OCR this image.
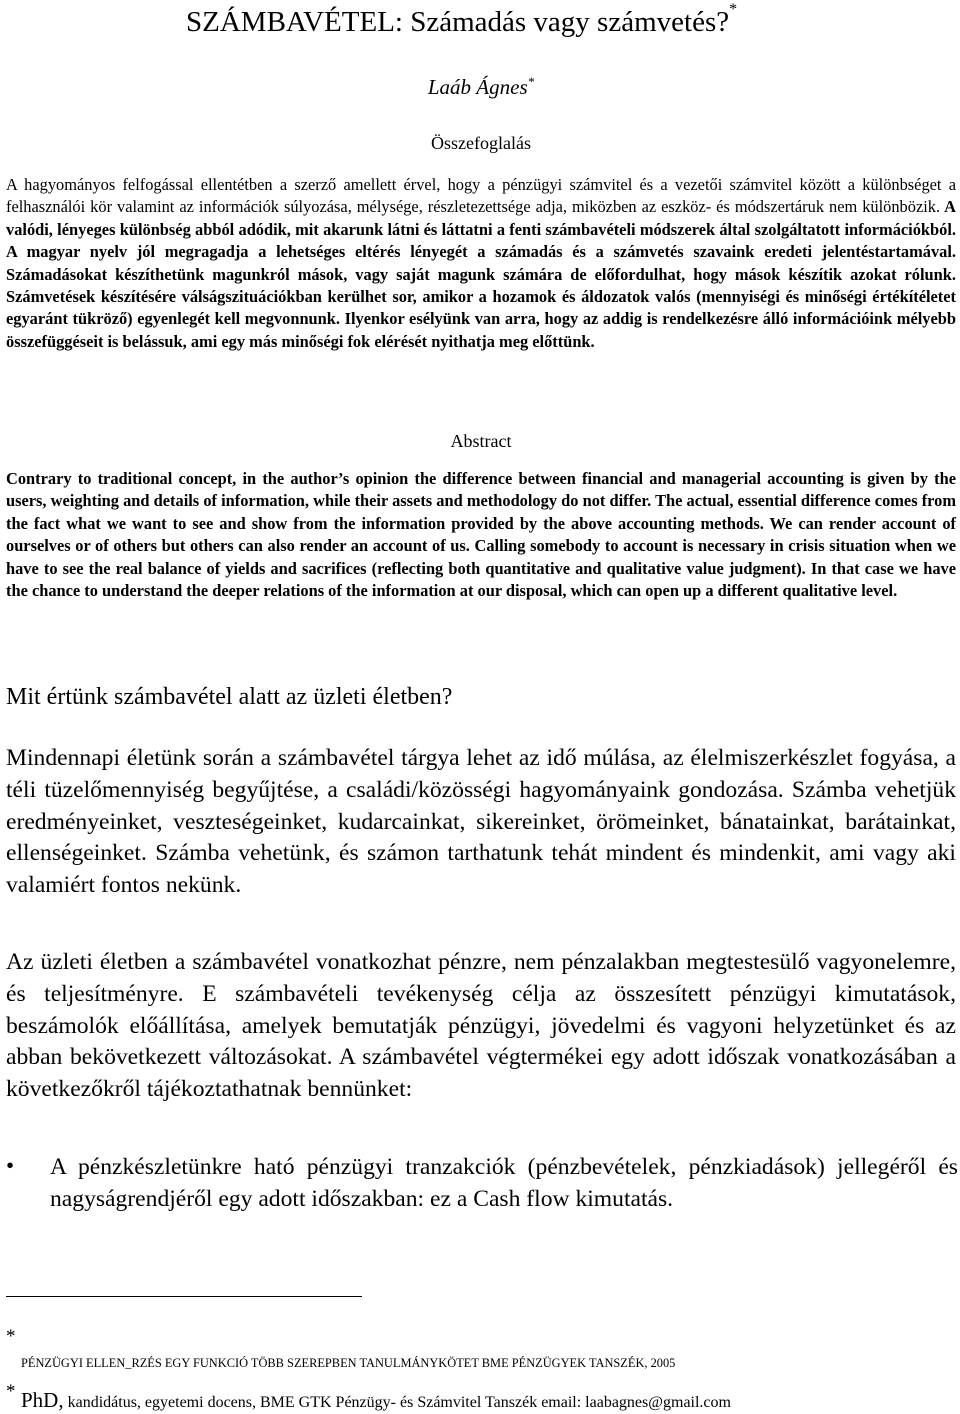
SZÁMBAVÉTEL: Számadás vagy számvetés?*
Laáb Ágnes*
Összefoglalás
A hagyományos felfogással ellentétben a szerző amellett érvel, hogy a pénzügyi számvitel és a vezetői számvitel között a különbséget a felhasználói kör valamint az információk súlyozása, mélysége, részletezettsége adja, miközben az eszköz- és módszertáruk nem különbözik. A valódi, lényeges különbség abból adódik, mit akarunk látni és láttatni a fenti számbavételi módszerek által szolgáltatott információkból. A magyar nyelv jól megragadja a lehetséges eltérés lényegét a számadás és a számvetés szavaink eredeti jelentéstartamával. Számadásokat készíthetünk magunkról mások, vagy saját magunk számára de előfordulhat, hogy mások készítik azokat rólunk. Számvetések készítésére válságszituációkban kerülhet sor, amikor a hozamok és áldozatok valós (mennyiségi és minőségi értékítéletet egyaránt tükröző) egyenlegét kell megvonnunk. Ilyenkor esélyünk van arra, hogy az addig is rendelkezésre álló információink mélyebb összefüggéseit is belássuk, ami egy más minőségi fok elérését nyithatja meg előttünk.
Abstract
Contrary to traditional concept, in the author’s opinion the difference between financial and managerial accounting is given by the users, weighting and details of information, while their assets and methodology do not differ. The actual, essential difference comes from the fact what we want to see and show from the information provided by the above accounting methods. We can render account of ourselves or of others but others can also render an account of us. Calling somebody to account is necessary in crisis situation when we have to see the real balance of yields and sacrifices (reflecting both quantitative and qualitative value judgment). In that case we have the chance to understand the deeper relations of the information at our disposal, which can open up a different qualitative level.
Mit értünk számbavétel alatt az üzleti életben?
Mindennapi életünk során a számbavétel tárgya lehet az idő múlása, az élelmiszerkészlet fogyása, a téli tüzelőmennyiség begyűjtése, a családi/közösségi hagyományaink gondozása. Számba vehetjük eredményeinket, veszteségeinket, kudarcainkat, sikereinket, örömeinket, bánatainkat, barátainkat, ellenségeinket. Számba vehetünk, és számon tarthatunk tehát mindent és mindenkit, ami vagy aki valamiért fontos nekünk.
Az üzleti életben a számbavétel vonatkozhat pénzre, nem pénzalakban megtestesülő vagyonelemre, és teljesítményre. E számbavételi tevékenység célja az összesített pénzügyi kimutatások, beszámolók előállítása, amelyek bemutatják pénzügyi, jövedelmi és vagyoni helyzetünket és az abban bekövetkezett változásokat. A számbavétel végtermékei egy adott időszak vonatkozásában a következőkről tájékoztathatnak bennünket:
• A pénzkészletünkre ható pénzügyi tranzakciók (pénzbevételek, pénzkiadások) jellegéről és nagyságrendjéről egy adott időszakban: ez a Cash flow kimutatás.
*
PÉNZÜGYI ELLEN_RZÉS EGY FUNKCIÓ TÖBB SZEREPBEN TANULMÁNYKÖTET BME PÉNZÜGYEK TANSZÉK, 2005
* PhD, kandidátus, egyetemi docens, BME GTK Pénzügy- és Számvitel Tanszék email: laabagnes@gmail.com
